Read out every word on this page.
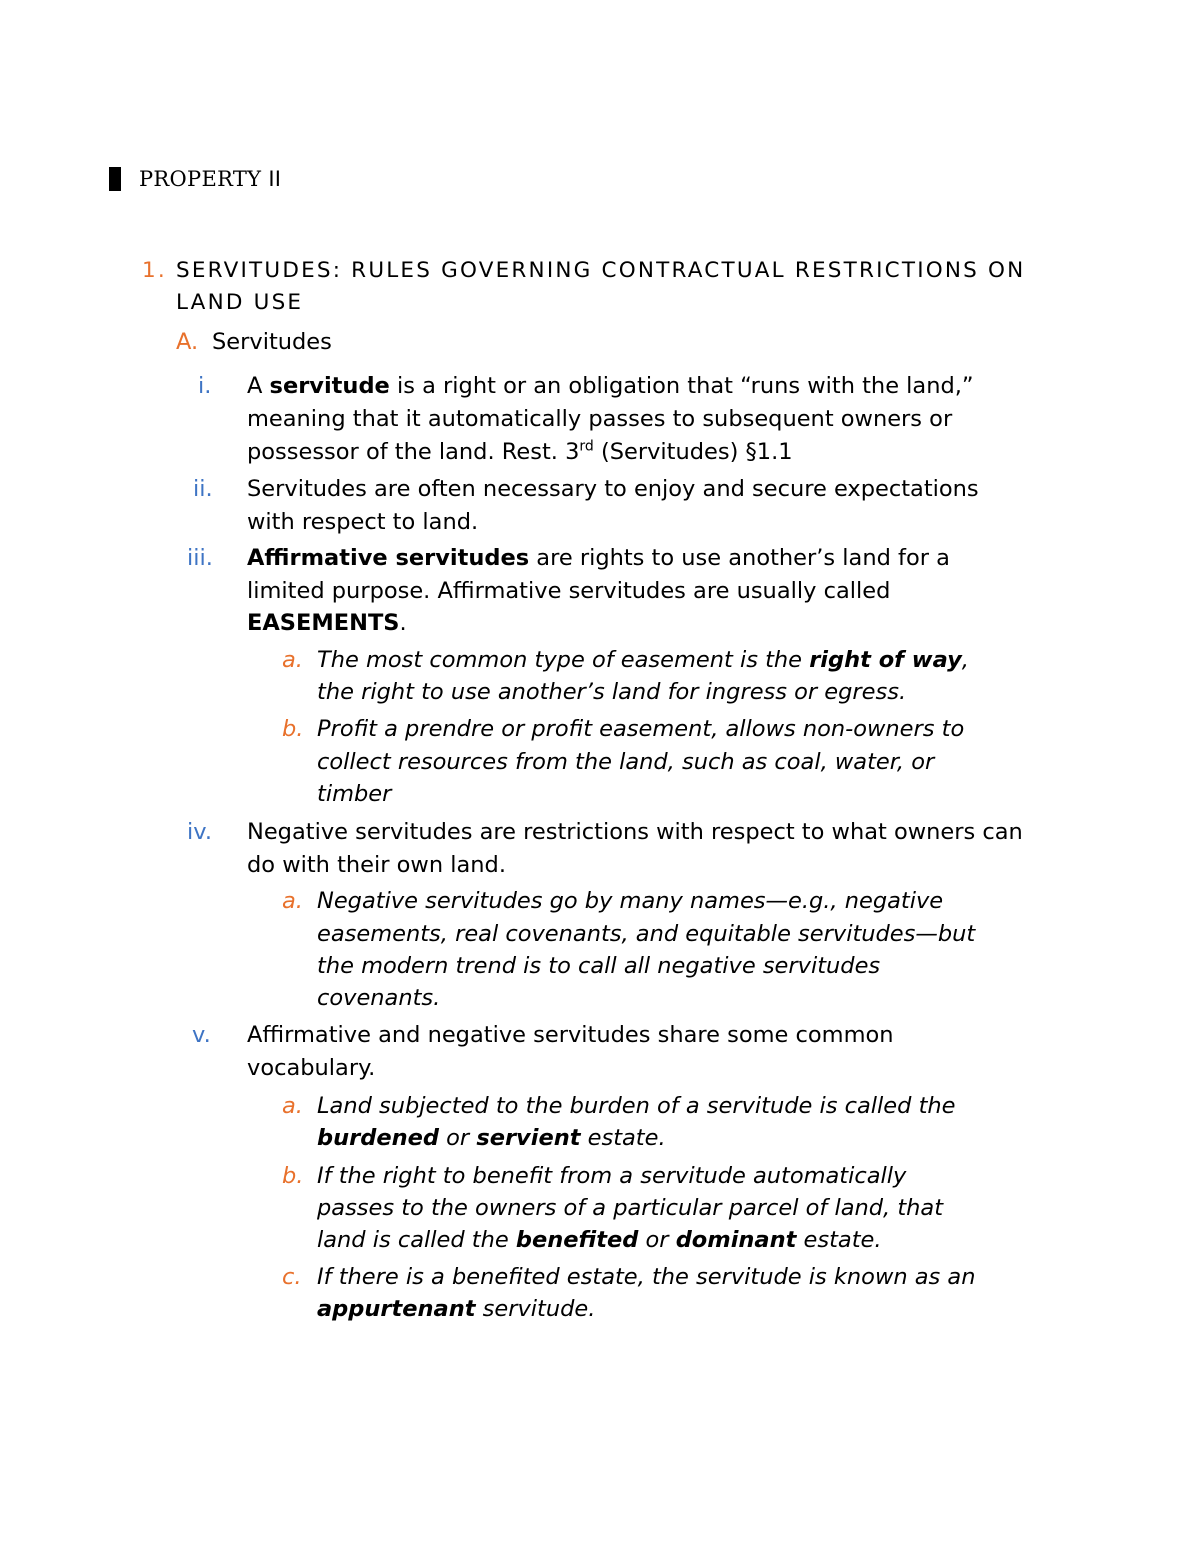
PROPERTY II
1. SERVITUDES: RULES GOVERNING CONTRACTUAL RESTRICTIONS ON
LAND USE
A. Servitudes
i. A servitude is a right or an obligation that “runs with the land,”
meaning that it automatically passes to subsequent owners or
possessor of the land. Rest. 3rd (Servitudes) §1.1
ii. Servitudes are often necessary to enjoy and secure expectations
with respect to land.
iii. Affirmative servitudes are rights to use another’s land for a
limited purpose. Affirmative servitudes are usually called
EASEMENTS.
a. The most common type of easement is the right of way,
the right to use another’s land for ingress or egress.
b. Profit a prendre or profit easement, allows non-owners to
collect resources from the land, such as coal, water, or
timber
iv. Negative servitudes are restrictions with respect to what owners can
do with their own land.
a. Negative servitudes go by many names—e.g., negative
easements, real covenants, and equitable servitudes—but
the modern trend is to call all negative servitudes
covenants.
v. Affirmative and negative servitudes share some common
vocabulary.
a. Land subjected to the burden of a servitude is called the
burdened or servient estate.
b. If the right to benefit from a servitude automatically
passes to the owners of a particular parcel of land, that
land is called the benefited or dominant estate.
c. If there is a benefited estate, the servitude is known as an
appurtenant servitude.
